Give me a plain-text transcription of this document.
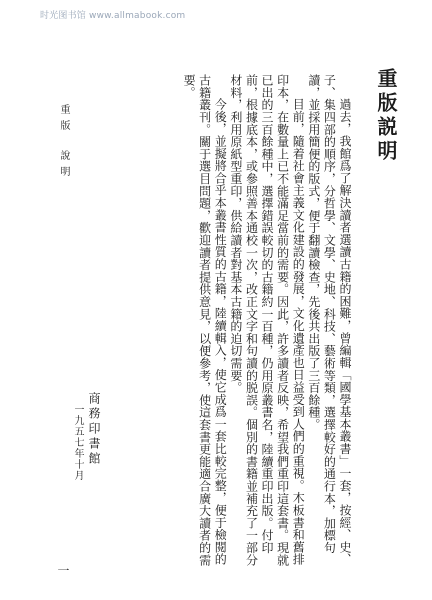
时光图书馆 www.allmabook.com
重版
說明
一
重版説明

過去，我館爲了解決讀者選讀古籍的困難，曾編輯「國學基本叢書」一套，按經、史、子、集四部的順序，分哲學、文學、史地、科技、藝術等類，選擇較好的通行本，加標句讀，並採用簡便的版式，便于翻讀檢查，先後共出版了三百餘種。

目前，隨着社會主義文化建設的發展，文化遺產也日益受到人們的重視。木板書和舊排印本，在數量上已不能滿足當前的需要。因此，許多讀者反映，希望我們重印這套書。現就已出的三百餘種中，選擇錯誤較切的古籍約一百種，仍用原叢書名，陸續重印出版。付印前，根據底本，或參照善本通校一次，改正文字和句讀的脱誤。個別的書籍並補充了一部分材料，利用原紙型重印，供給讀者對基本古籍的迫切需要。

今後，並擬將合乎本叢書性質的古籍，陸續輯入，使它成爲一套比較完整，便于檢閱的古籍叢刊。關于選目問題，歡迎讀者提供意見，以便參考，使這套書更能適合廣大讀者的需要。

商務印書館
一九五七年十月
